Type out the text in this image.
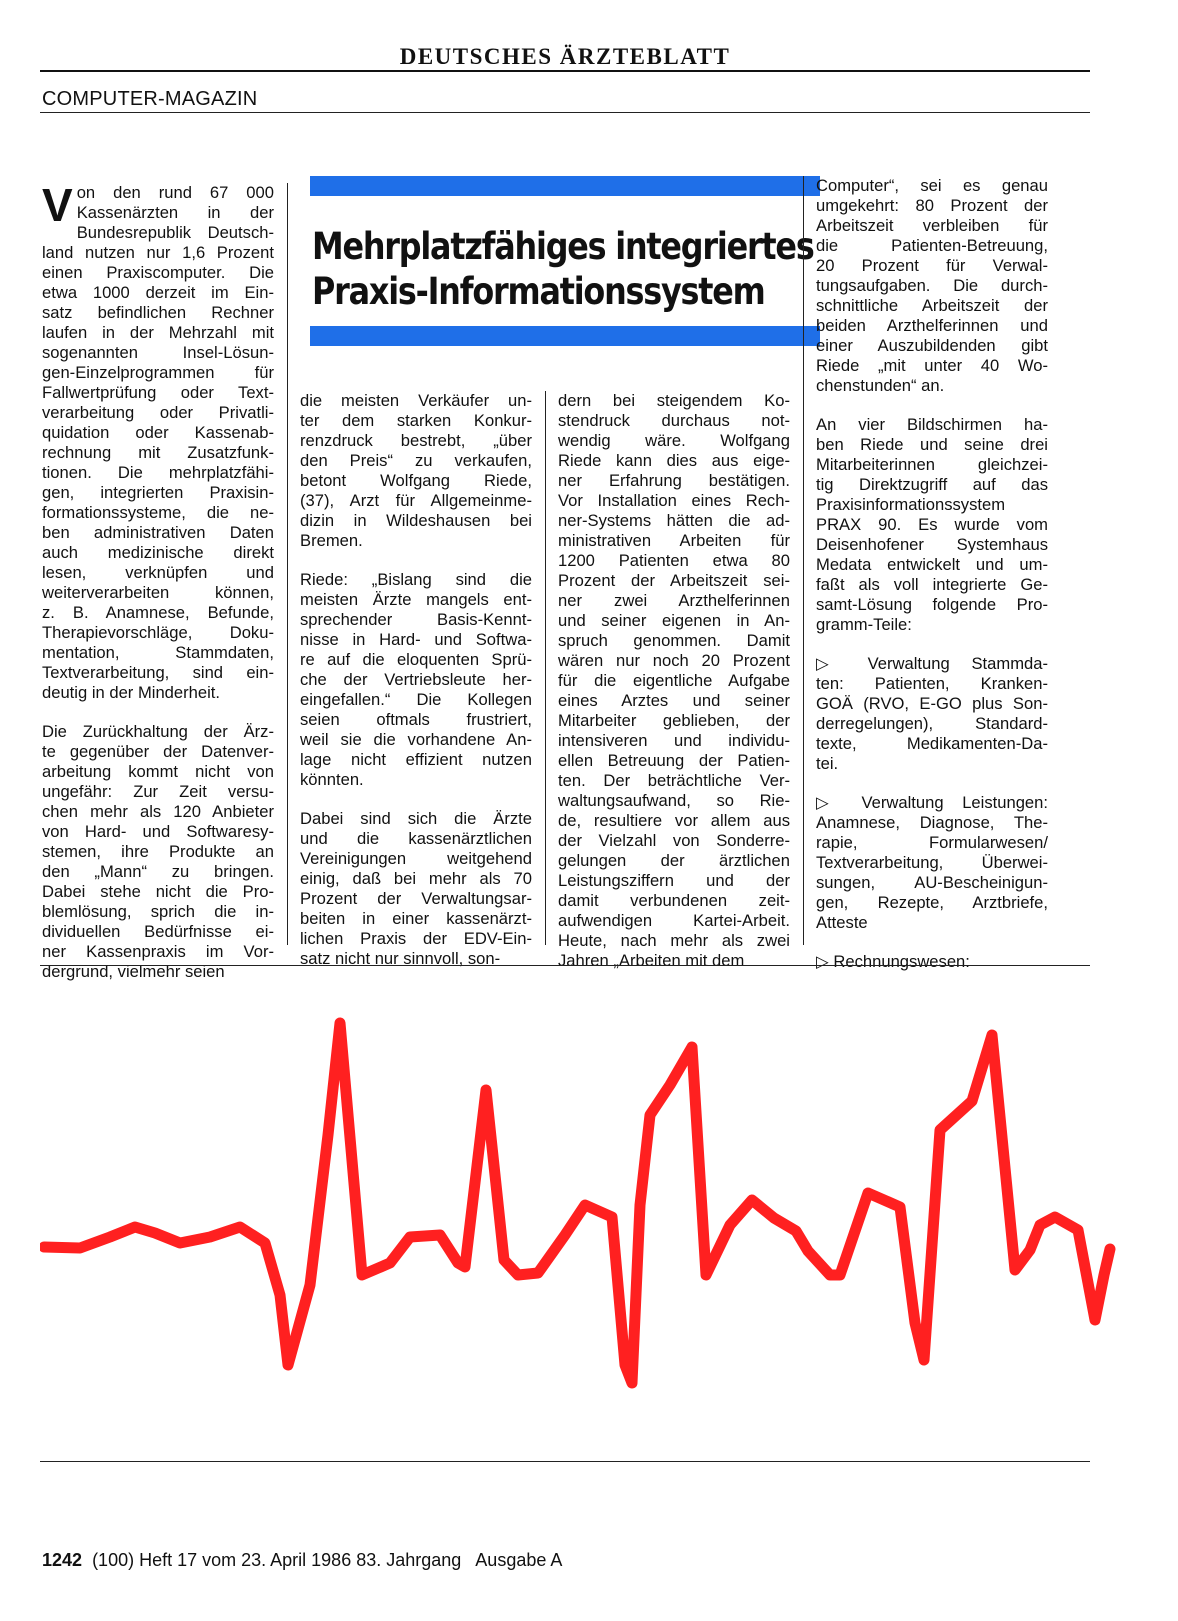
DEUTSCHES ÄRZTEBLATT
COMPUTER-MAGAZIN

V on den rund 67 000
Kassenärzten in der
Bundesrepublik Deutsch-
land nutzen nur 1,6 Prozent
einen Praxiscomputer. Die
etwa 1000 derzeit im Ein-
satz befindlichen Rechner
laufen in der Mehrzahl mit
sogenannten Insel-Lösun-
gen-Einzelprogrammen für
Fallwertprüfung oder Text-
verarbeitung oder Privatli-
quidation oder Kassenab-
rechnung mit Zusatzfunk-
tionen. Die mehrplatzfähi-
gen, integrierten Praxisin-
formationssysteme, die ne-
ben administrativen Daten
auch medizinische direkt
lesen, verknüpfen und
weiterverarbeiten können,
z. B. Anamnese, Befunde,
Therapievorschläge, Doku-
mentation, Stammdaten,
Textverarbeitung, sind ein-
deutig in der Minderheit.

Die Zurückhaltung der Ärz-
te gegenüber der Datenver-
arbeitung kommt nicht von
ungefähr: Zur Zeit versu-
chen mehr als 120 Anbieter
von Hard- und Softwaresy-
stemen, ihre Produkte an
den „Mann“ zu bringen.
Dabei stehe nicht die Pro-
blemlösung, sprich die in-
dividuellen Bedürfnisse ei-
ner Kassenpraxis im Vor-
dergrund, vielmehr seien

Mehrplatzfähiges integriertes
Praxis-Informationssystem

die meisten Verkäufer un-
ter dem starken Konkur-
renzdruck bestrebt, „über
den Preis“ zu verkaufen,
betont Wolfgang Riede,
(37), Arzt für Allgemeinme-
dizin in Wildeshausen bei
Bremen.

Riede: „Bislang sind die
meisten Ärzte mangels ent-
sprechender Basis-Kennt-
nisse in Hard- und Softwa-
re auf die eloquenten Sprü-
che der Vertriebsleute her-
eingefallen.“ Die Kollegen
seien oftmals frustriert,
weil sie die vorhandene An-
lage nicht effizient nutzen
könnten.

Dabei sind sich die Ärzte
und die kassenärztlichen
Vereinigungen weitgehend
einig, daß bei mehr als 70
Prozent der Verwaltungsar-
beiten in einer kassenärzt-
lichen Praxis der EDV-Ein-
satz nicht nur sinnvoll, son-

dern bei steigendem Ko-
stendruck durchaus not-
wendig wäre. Wolfgang
Riede kann dies aus eige-
ner Erfahrung bestätigen.
Vor Installation eines Rech-
ner-Systems hätten die ad-
ministrativen Arbeiten für
1200 Patienten etwa 80
Prozent der Arbeitszeit sei-
ner zwei Arzthelferinnen
und seiner eigenen in An-
spruch genommen. Damit
wären nur noch 20 Prozent
für die eigentliche Aufgabe
eines Arztes und seiner
Mitarbeiter geblieben, der
intensiveren und individu-
ellen Betreuung der Patien-
ten. Der beträchtliche Ver-
waltungsaufwand, so Rie-
de, resultiere vor allem aus
der Vielzahl von Sonderre-
gelungen der ärztlichen
Leistungsziffern und der
damit verbundenen zeit-
aufwendigen Kartei-Arbeit.
Heute, nach mehr als zwei
Jahren „Arbeiten mit dem

Computer“, sei es genau
umgekehrt: 80 Prozent der
Arbeitszeit verbleiben für
die Patienten-Betreuung,
20 Prozent für Verwal-
tungsaufgaben. Die durch-
schnittliche Arbeitszeit der
beiden Arzthelferinnen und
einer Auszubildenden gibt
Riede „mit unter 40 Wo-
chenstunden“ an.

An vier Bildschirmen ha-
ben Riede und seine drei
Mitarbeiterinnen gleichzei-
tig Direktzugriff auf das
Praxisinformationssystem
PRAX 90. Es wurde vom
Deisenhofener Systemhaus
Medata entwickelt und um-
faßt als voll integrierte Ge-
samt-Lösung folgende Pro-
gramm-Teile:

▷ Verwaltung Stammda-
ten: Patienten, Kranken-
GOÄ (RVO, E-GO plus Son-
derregelungen), Standard-
texte, Medikamenten-Da-
tei.

▷ Verwaltung Leistungen:
Anamnese, Diagnose, The-
rapie, Formularwesen/
Textverarbeitung, Überwei-
sungen, AU-Bescheinigun-
gen, Rezepte, Arztbriefe,
Atteste

▷ Rechnungswesen:

1242 (100) Heft 17 vom 23. April 1986 83. Jahrgang   Ausgabe A
